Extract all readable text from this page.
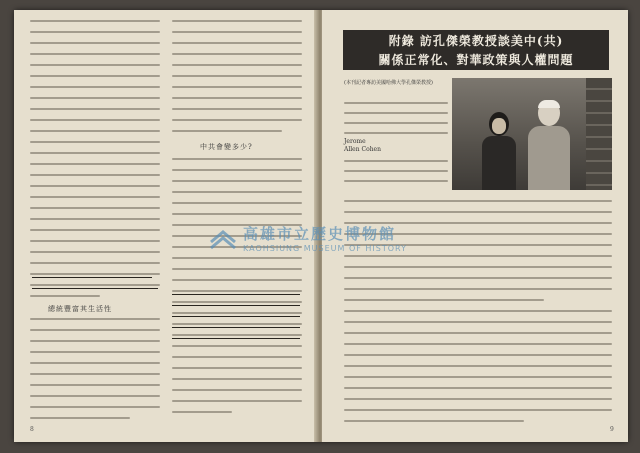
總統豐富其生活性
中共會變多少?
8
附錄 訪孔傑榮教授談美中(共)
關係正常化、對華政策與人權問題
(本刊記者專訪美國哈佛大學孔傑榮教授)
Jerome
Allen Cohen
9
高雄市立歷史博物館
KAOHSIUNG MUSEUM OF HISTORY
